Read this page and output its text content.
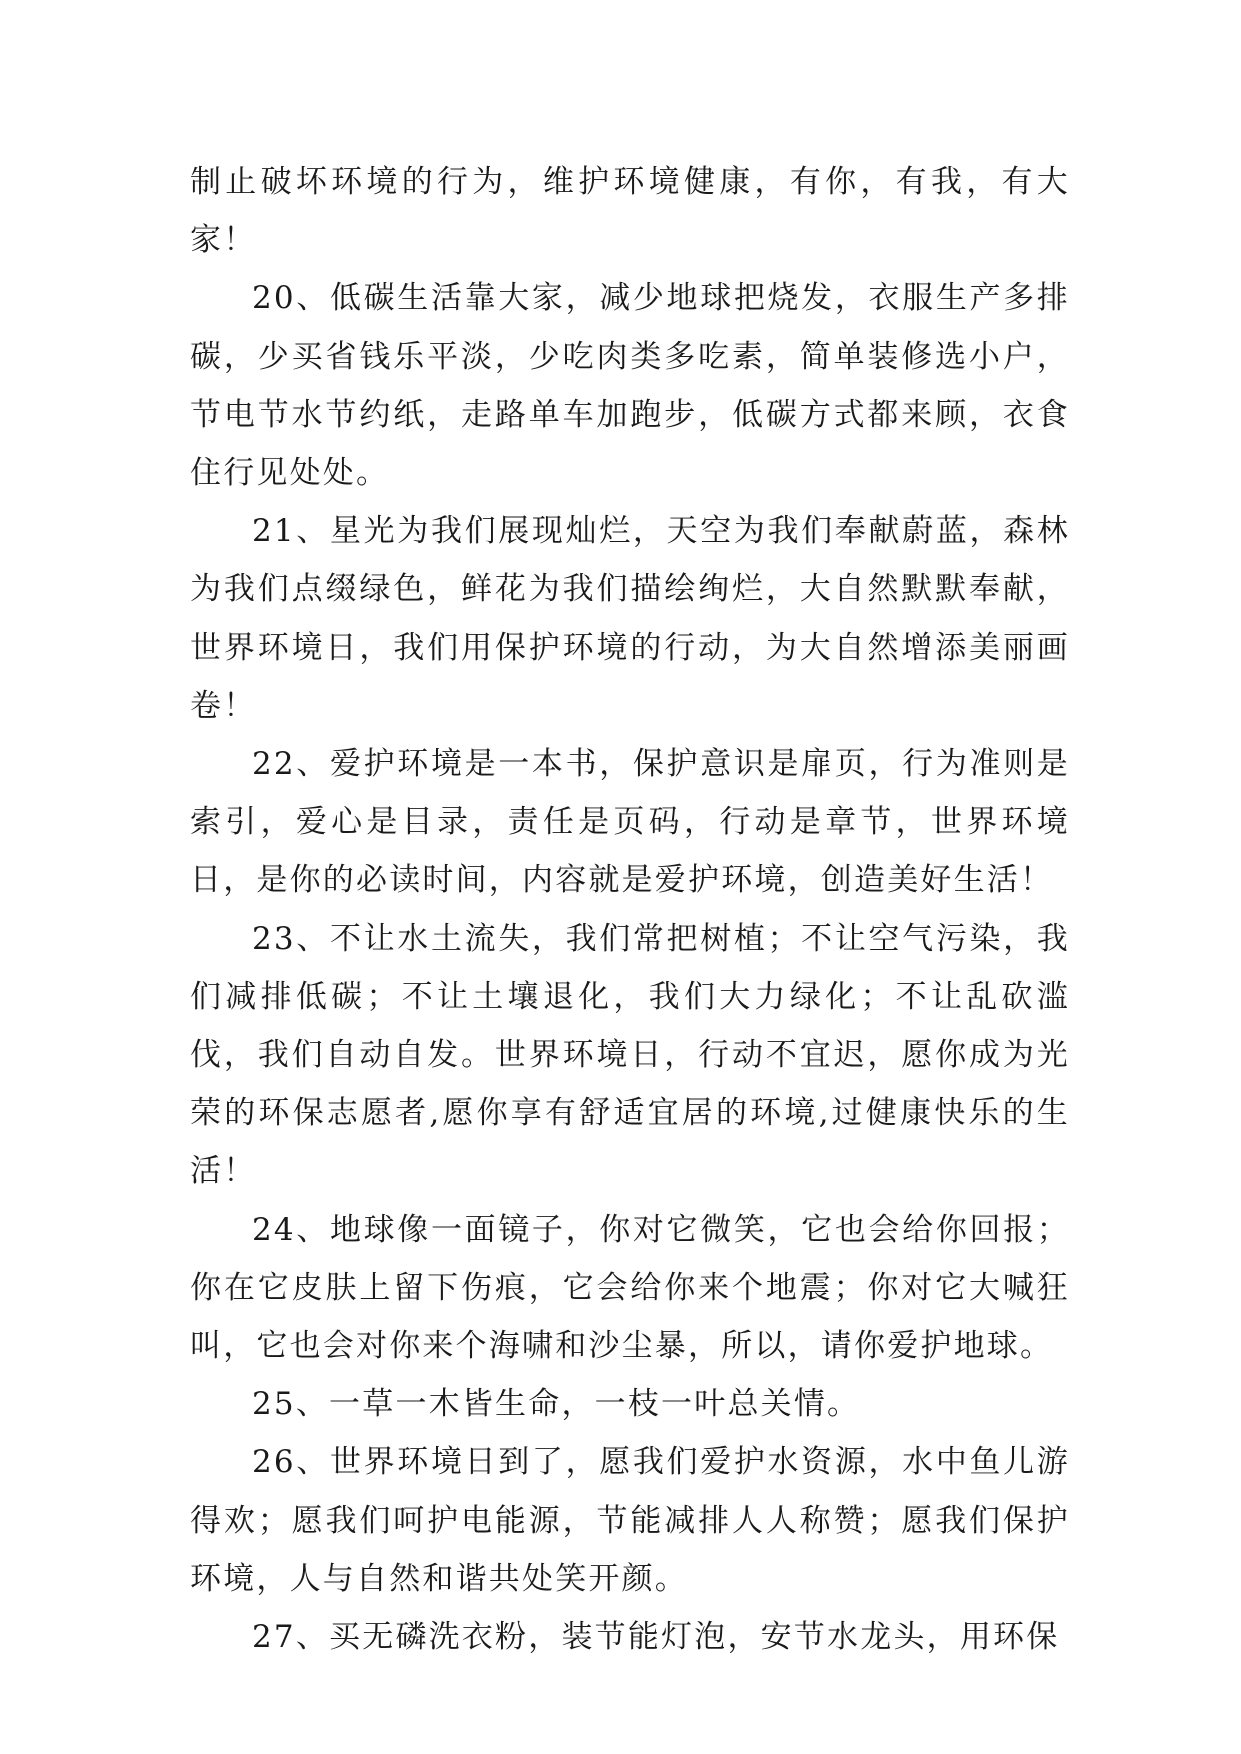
制止破坏环境的行为，维护环境健康，有你，有我，有大家！

20、低碳生活靠大家，减少地球把烧发，衣服生产多排碳，少买省钱乐平淡，少吃肉类多吃素，简单装修选小户，节电节水节约纸，走路单车加跑步，低碳方式都来顾，衣食住行见处处。

21、星光为我们展现灿烂，天空为我们奉献蔚蓝，森林为我们点缀绿色，鲜花为我们描绘绚烂，大自然默默奉献，世界环境日，我们用保护环境的行动，为大自然增添美丽画卷！

22、爱护环境是一本书，保护意识是扉页，行为准则是索引，爱心是目录，责任是页码，行动是章节，世界环境日，是你的必读时间，内容就是爱护环境，创造美好生活！

23、不让水土流失，我们常把树植；不让空气污染，我们减排低碳；不让土壤退化，我们大力绿化；不让乱砍滥伐，我们自动自发。世界环境日，行动不宜迟，愿你成为光荣的环保志愿者,愿你享有舒适宜居的环境,过健康快乐的生活！

24、地球像一面镜子，你对它微笑，它也会给你回报；你在它皮肤上留下伤痕，它会给你来个地震；你对它大喊狂叫，它也会对你来个海啸和沙尘暴，所以，请你爱护地球。

25、一草一木皆生命，一枝一叶总关情。

26、世界环境日到了，愿我们爱护水资源，水中鱼儿游得欢；愿我们呵护电能源，节能减排人人称赞；愿我们保护环境，人与自然和谐共处笑开颜。

27、买无磷洗衣粉，装节能灯泡，安节水龙头，用环保
